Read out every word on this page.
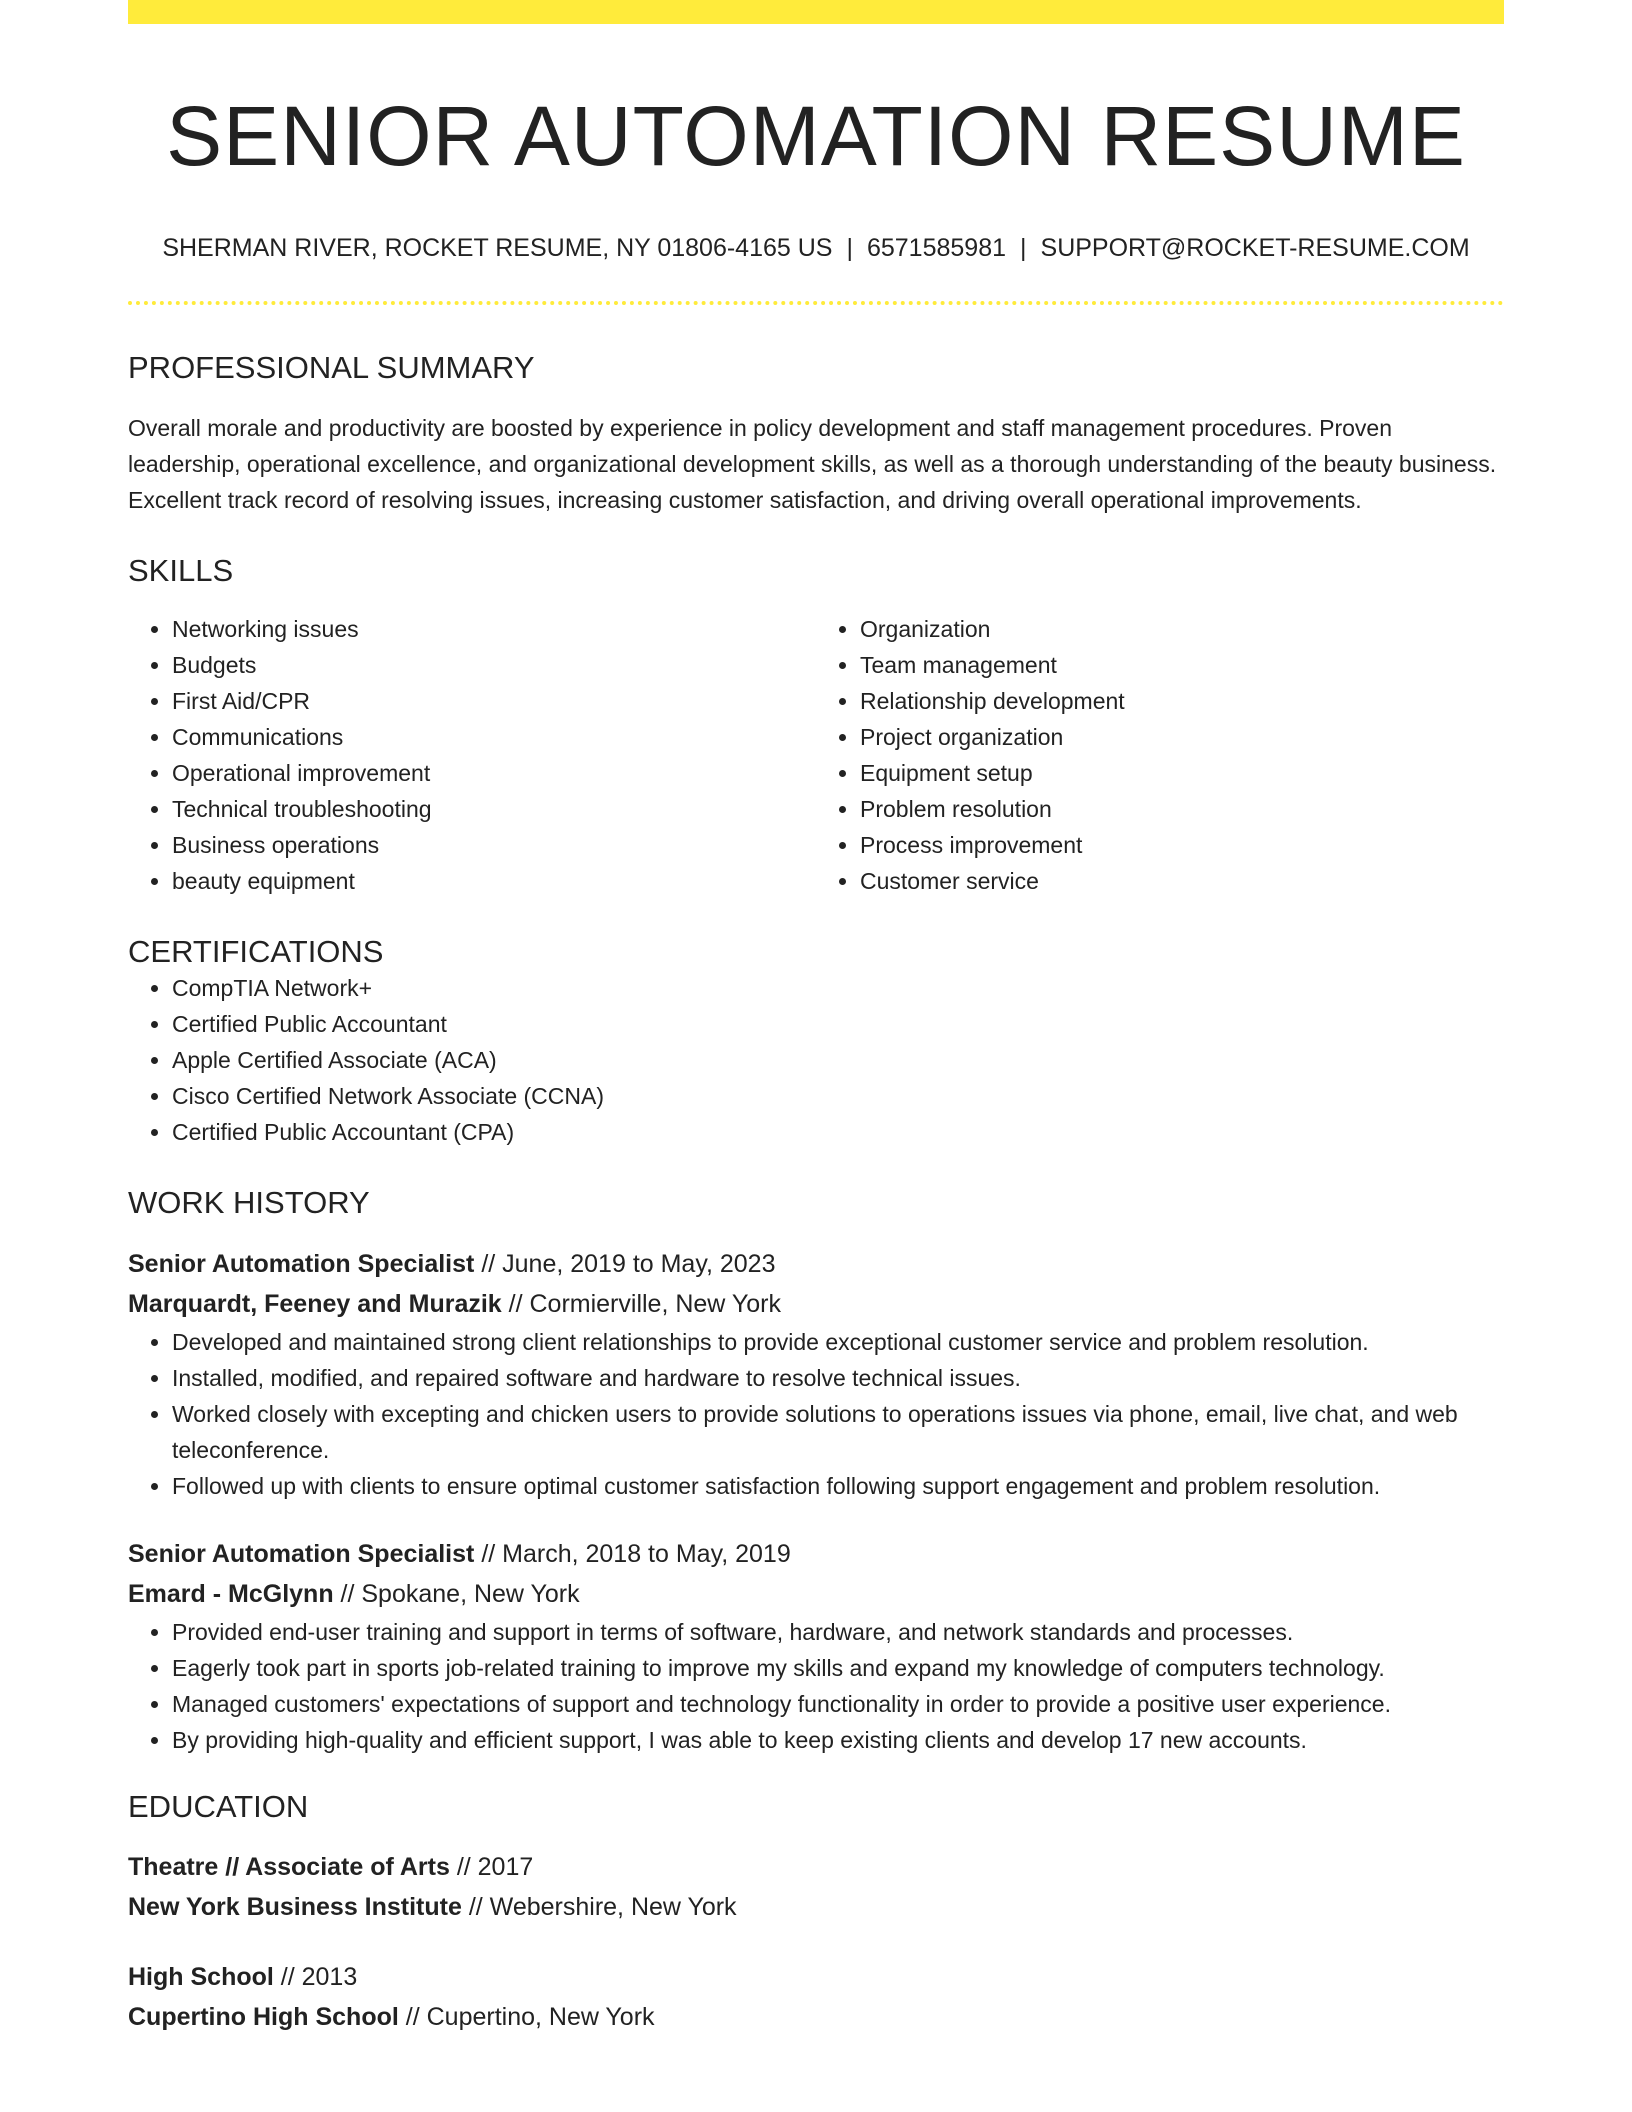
SENIOR AUTOMATION RESUME
SHERMAN RIVER, ROCKET RESUME, NY 01806-4165 US | 6571585981 | SUPPORT@ROCKET-RESUME.COM
PROFESSIONAL SUMMARY

Overall morale and productivity are boosted by experience in policy development and staff management procedures. Proven leadership, operational excellence, and organizational development skills, as well as a thorough understanding of the beauty business. Excellent track record of resolving issues, increasing customer satisfaction, and driving overall operational improvements.

SKILLS
• Networking issues
• Budgets
• First Aid/CPR
• Communications
• Operational improvement
• Technical troubleshooting
• Business operations
• beauty equipment
• Organization
• Team management
• Relationship development
• Project organization
• Equipment setup
• Problem resolution
• Process improvement
• Customer service
CERTIFICATIONS
• CompTIA Network+
• Certified Public Accountant
• Apple Certified Associate (ACA)
• Cisco Certified Network Associate (CCNA)
• Certified Public Accountant (CPA)
WORK HISTORY
Senior Automation Specialist // June, 2019 to May, 2023
Marquardt, Feeney and Murazik // Cormierville, New York
• Developed and maintained strong client relationships to provide exceptional customer service and problem resolution.
• Installed, modified, and repaired software and hardware to resolve technical issues.
• Worked closely with excepting and chicken users to provide solutions to operations issues via phone, email, live chat, and web teleconference.
• Followed up with clients to ensure optimal customer satisfaction following support engagement and problem resolution.
Senior Automation Specialist // March, 2018 to May, 2019
Emard - McGlynn // Spokane, New York
• Provided end-user training and support in terms of software, hardware, and network standards and processes.
• Eagerly took part in sports job-related training to improve my skills and expand my knowledge of computers technology.
• Managed customers' expectations of support and technology functionality in order to provide a positive user experience.
• By providing high-quality and efficient support, I was able to keep existing clients and develop 17 new accounts.
EDUCATION
Theatre // Associate of Arts // 2017
New York Business Institute // Webershire, New York
High School // 2013
Cupertino High School // Cupertino, New York
